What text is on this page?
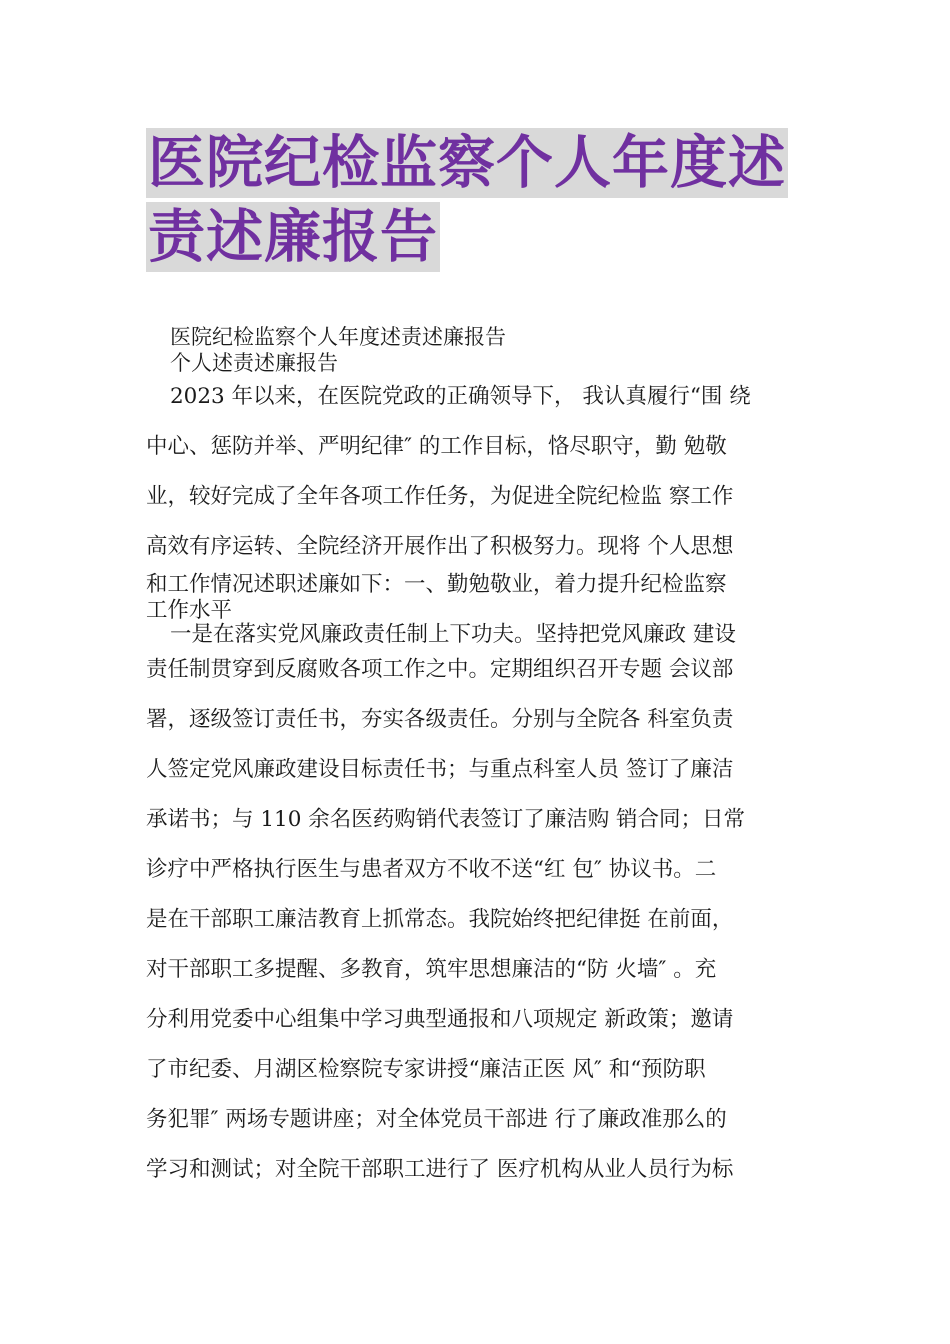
医院纪检监察个人年度述
责述廉报告
医院纪检监察个人年度述责述廉报告
个人述责述廉报告
2023 年以来，在医院党政的正确领导下， 我认真履行“围 绕
中心、惩防并举、严明纪律″ 的工作目标，恪尽职守，勤 勉敬
业，较好完成了全年各项工作任务，为促进全院纪检监 察工作
高效有序运转、全院经济开展作出了积极努力。现将 个人思想
和工作情况述职述廉如下：一、勤勉敬业，着力提升纪检监察
工作水平
一是在落实党风廉政责任制上下功夫。坚持把党风廉政 建设
责任制贯穿到反腐败各项工作之中。定期组织召开专题 会议部
署，逐级签订责任书，夯实各级责任。分别与全院各 科室负责
人签定党风廉政建设目标责任书；与重点科室人员 签订了廉洁
承诺书；与 110 余名医药购销代表签订了廉洁购 销合同；日常
诊疗中严格执行医生与患者双方不收不送“红 包″ 协议书。二
是在干部职工廉洁教育上抓常态。我院始终把纪律挺 在前面，
对干部职工多提醒、多教育，筑牢思想廉洁的“防 火墙″ 。充
分利用党委中心组集中学习典型通报和八项规定 新政策；邀请
了市纪委、月湖区检察院专家讲授“廉洁正医 风″ 和“预防职
务犯罪″ 两场专题讲座；对全体党员干部进 行了廉政准那么的
学习和测试；对全院干部职工进行了 医疗机构从业人员行为标
